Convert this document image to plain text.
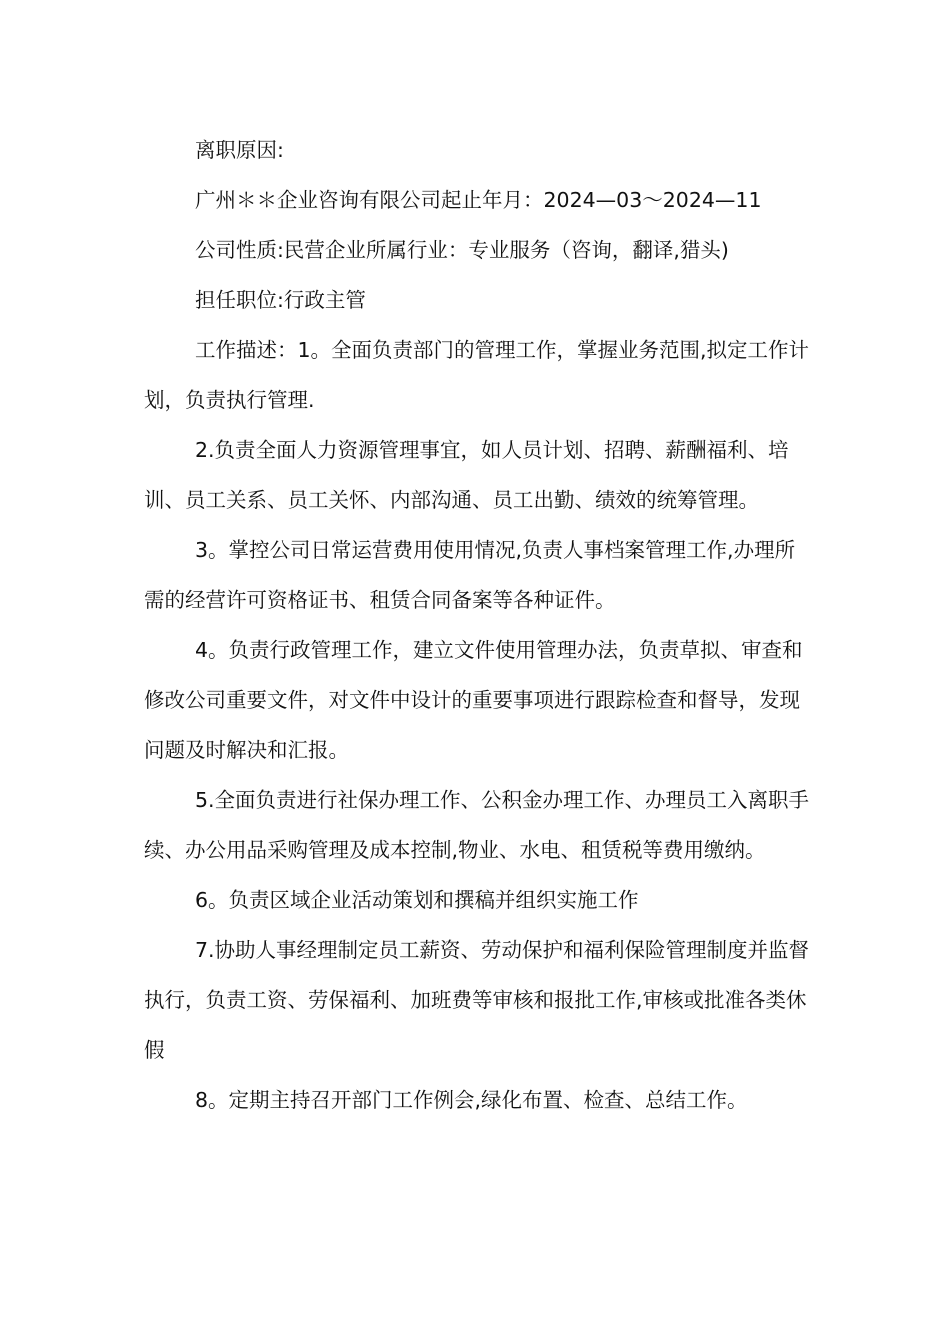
离职原因:

广州＊＊企业咨询有限公司起止年月：2024—03～2024—11

公司性质:民营企业所属行业：专业服务（咨询，翻译,猎头)

担任职位:行政主管

工作描述：1。全面负责部门的管理工作，掌握业务范围,拟定工作计划，负责执行管理.

2.负责全面人力资源管理事宜，如人员计划、招聘、薪酬福利、培训、员工关系、员工关怀、内部沟通、员工出勤、绩效的统筹管理。

3。掌控公司日常运营费用使用情况,负责人事档案管理工作,办理所需的经营许可资格证书、租赁合同备案等各种证件。

4。负责行政管理工作，建立文件使用管理办法，负责草拟、审查和修改公司重要文件，对文件中设计的重要事项进行跟踪检查和督导，发现问题及时解决和汇报。

5.全面负责进行社保办理工作、公积金办理工作、办理员工入离职手续、办公用品采购管理及成本控制,物业、水电、租赁税等费用缴纳。

6。负责区域企业活动策划和撰稿并组织实施工作

7.协助人事经理制定员工薪资、劳动保护和福利保险管理制度并监督执行，负责工资、劳保福利、加班费等审核和报批工作,审核或批准各类休假

8。定期主持召开部门工作例会,绿化布置、检查、总结工作。
